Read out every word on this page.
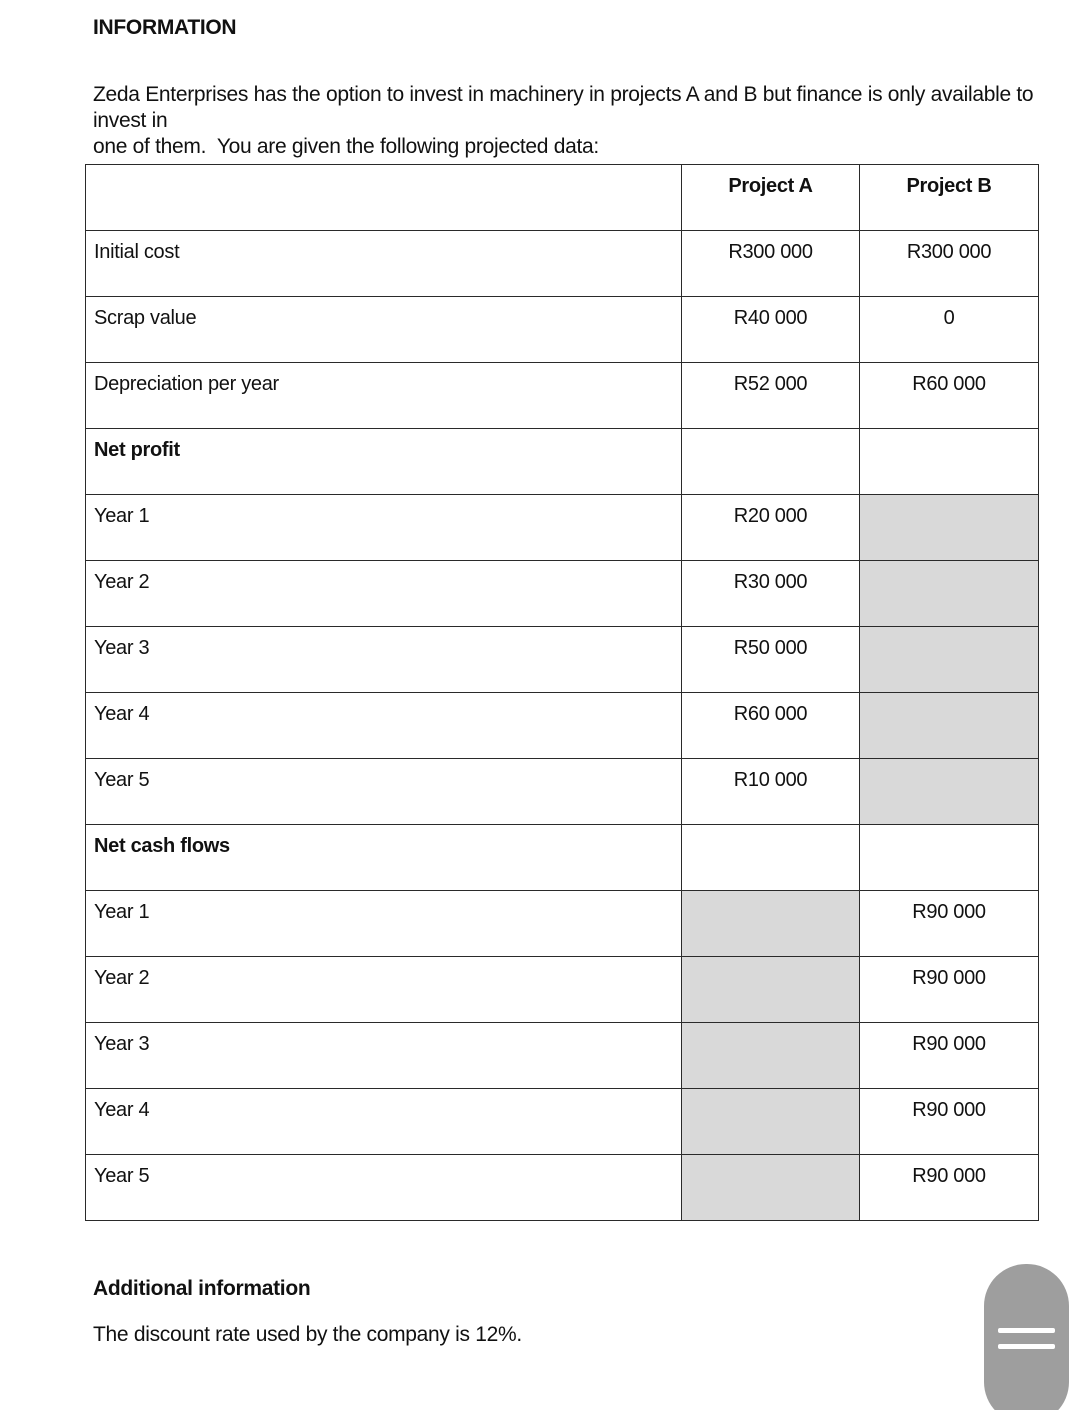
INFORMATION
Zeda Enterprises has the option to invest in machinery in projects A and B but finance is only available to invest in
one of them.  You are given the following projected data:
	Project A	Project B
Initial cost	R300 000	R300 000
Scrap value	R40 000	0
Depreciation per year	R52 000	R60 000
Net profit		
Year 1	R20 000	
Year 2	R30 000	
Year 3	R50 000	
Year 4	R60 000	
Year 5	R10 000	
Net cash flows		
Year 1		R90 000
Year 2		R90 000
Year 3		R90 000
Year 4		R90 000
Year 5		R90 000
Additional information
The discount rate used by the company is 12%.
